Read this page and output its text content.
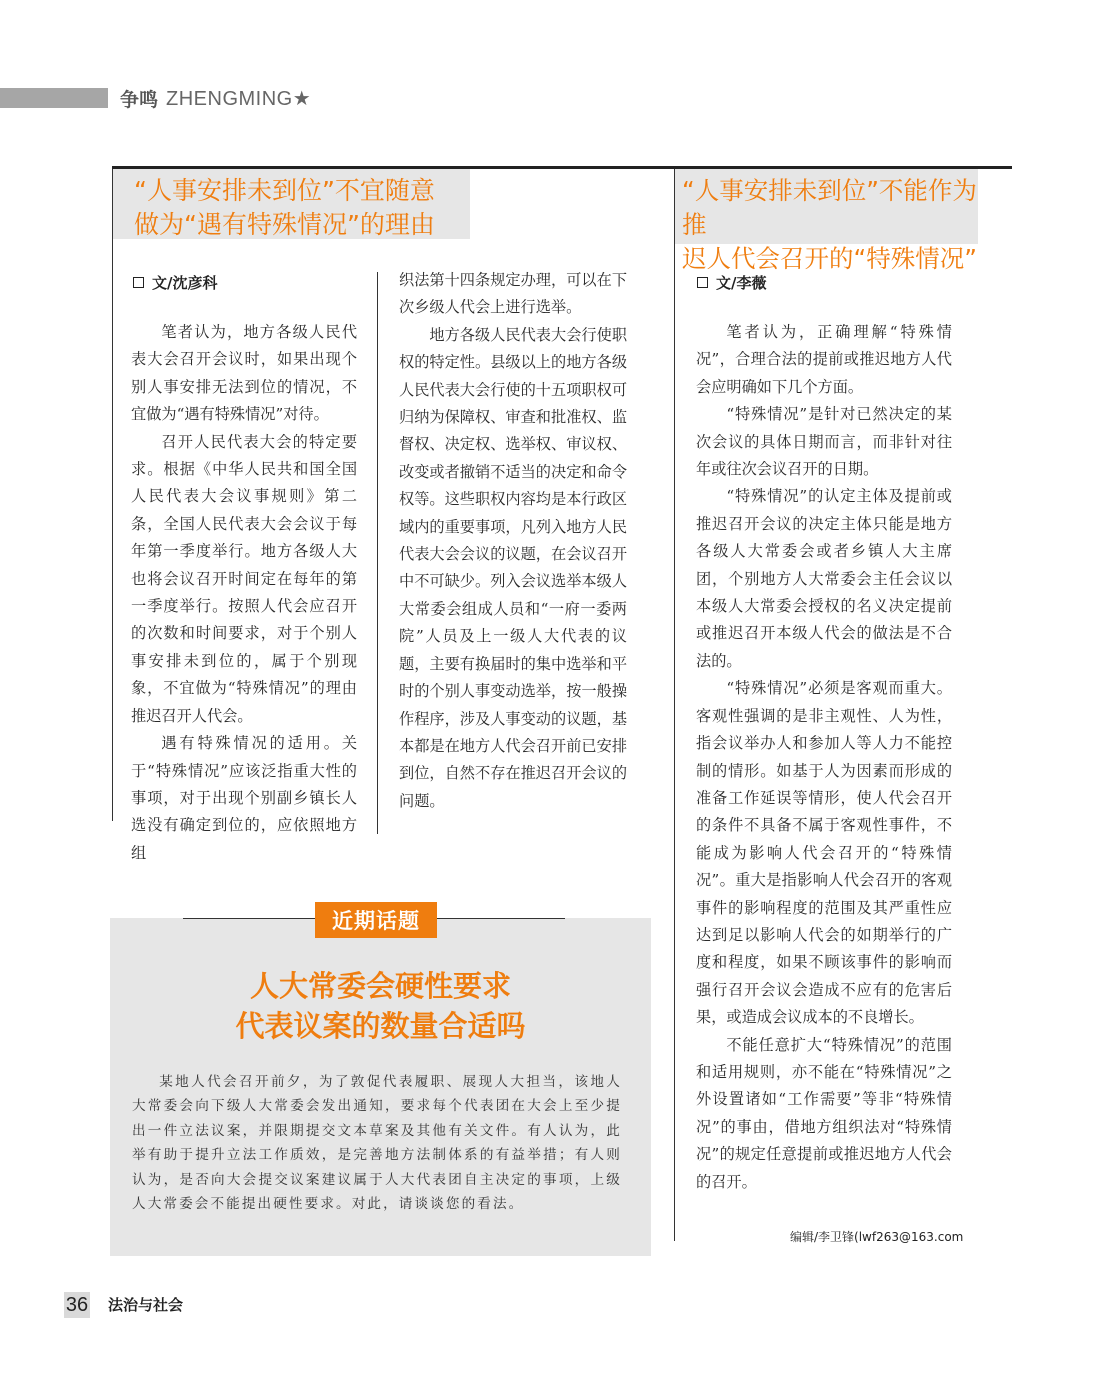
争鸣 ZHENGMING★
“人事安排未到位”不宜随意
做为“遇有特殊情况”的理由
“人事安排未到位”不能作为推
迟人代会召开的“特殊情况”
文/沈彦科	文/李薇

笔者认为，地方各级人民代表大会召开会议时，如果出现个别人事安排无法到位的情况，不宜做为“遇有特殊情况”对待。

召开人民代表大会的特定要求。根据《中华人民共和国全国人民代表大会议事规则》第二条，全国人民代表大会会议于每年第一季度举行。地方各级人大也将会议召开时间定在每年的第一季度举行。按照人代会应召开的次数和时间要求，对于个别人事安排未到位的，属于个别现象，不宜做为“特殊情况”的理由推迟召开人代会。

遇有特殊情况的适用。关于“特殊情况”应该泛指重大性的事项，对于出现个别副乡镇长人选没有确定到位的，应依照地方组

织法第十四条规定办理，可以在下次乡级人代会上进行选举。

地方各级人民代表大会行使职权的特定性。县级以上的地方各级人民代表大会行使的十五项职权可归纳为保障权、审查和批准权、监督权、决定权、选举权、审议权、改变或者撤销不适当的决定和命令权等。这些职权内容均是本行政区域内的重要事项，凡列入地方人民代表大会会议的议题，在会议召开中不可缺少。列入会议选举本级人大常委会组成人员和“一府一委两院”人员及上一级人大代表的议题，主要有换届时的集中选举和平时的个别人事变动选举，按一般操作程序，涉及人事变动的议题，基本都是在地方人代会召开前已安排到位，自然不存在推迟召开会议的问题。

笔者认为，正确理解“特殊情况”，合理合法的提前或推迟地方人代会应明确如下几个方面。

“特殊情况”是针对已然决定的某次会议的具体日期而言，而非针对往年或往次会议召开的日期。

“特殊情况”的认定主体及提前或推迟召开会议的决定主体只能是地方各级人大常委会或者乡镇人大主席团，个别地方人大常委会主任会议以本级人大常委会授权的名义决定提前或推迟召开本级人代会的做法是不合法的。

“特殊情况”必须是客观而重大。客观性强调的是非主观性、人为性，指会议举办人和参加人等人力不能控制的情形。如基于人为因素而形成的准备工作延误等情形，使人代会召开的条件不具备不属于客观性事件，不能成为影响人代会召开的“特殊情况”。重大是指影响人代会召开的客观事件的影响程度的范围及其严重性应达到足以影响人代会的如期举行的广度和程度，如果不顾该事件的影响而强行召开会议会造成不应有的危害后果，或造成会议成本的不良增长。

不能任意扩大“特殊情况”的范围和适用规则，亦不能在“特殊情况”之外设置诸如“工作需要”等非“特殊情况”的事由，借地方组织法对“特殊情况”的规定任意提前或推迟地方人代会的召开。

编辑/李卫锋(lwf263@163.com
近期话题
人大常委会硬性要求
代表议案的数量合适吗

某地人代会召开前夕，为了敦促代表履职、展现人大担当，该地人大常委会向下级人大常委会发出通知，要求每个代表团在大会上至少提出一件立法议案，并限期提交文本草案及其他有关文件。有人认为，此举有助于提升立法工作质效，是完善地方法制体系的有益举措；有人则认为，是否向大会提交议案建议属于人大代表团自主决定的事项，上级人大常委会不能提出硬性要求。对此，请谈谈您的看法。

36 法治与社会
